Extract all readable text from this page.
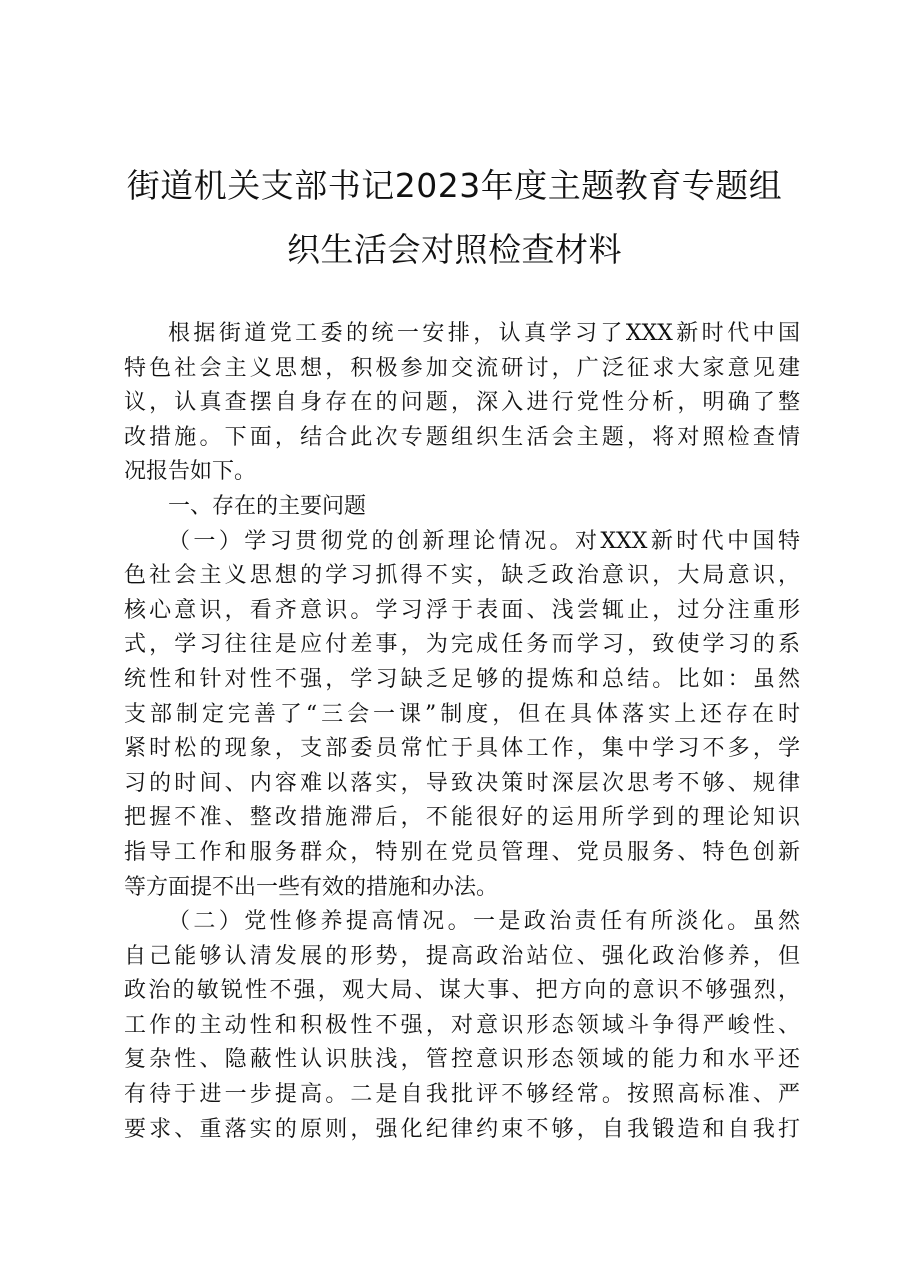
街道机关支部书记2023年度主题教育专题组
织生活会对照检查材料
根据街道党工委的统一安排，认真学习了XXX新时代中国
特色社会主义思想，积极参加交流研讨，广泛征求大家意见建
议，认真查摆自身存在的问题，深入进行党性分析，明确了整
改措施。下面，结合此次专题组织生活会主题，将对照检查情
况报告如下。
一、存在的主要问题
（一）学习贯彻党的创新理论情况。对XXX新时代中国特
色社会主义思想的学习抓得不实，缺乏政治意识，大局意识，
核心意识，看齐意识。学习浮于表面、浅尝辄止，过分注重形
式，学习往往是应付差事，为完成任务而学习，致使学习的系
统性和针对性不强，学习缺乏足够的提炼和总结。比如：虽然
支部制定完善了“三会一课”制度，但在具体落实上还存在时
紧时松的现象，支部委员常忙于具体工作，集中学习不多，学
习的时间、内容难以落实，导致决策时深层次思考不够、规律
把握不准、整改措施滞后，不能很好的运用所学到的理论知识
指导工作和服务群众，特别在党员管理、党员服务、特色创新
等方面提不出一些有效的措施和办法。
（二）党性修养提高情况。一是政治责任有所淡化。虽然
自己能够认清发展的形势，提高政治站位、强化政治修养，但
政治的敏锐性不强，观大局、谋大事、把方向的意识不够强烈，
工作的主动性和积极性不强，对意识形态领域斗争得严峻性、
复杂性、隐蔽性认识肤浅，管控意识形态领域的能力和水平还
有待于进一步提高。二是自我批评不够经常。按照高标准、严
要求、重落实的原则，强化纪律约束不够，自我锻造和自我打
